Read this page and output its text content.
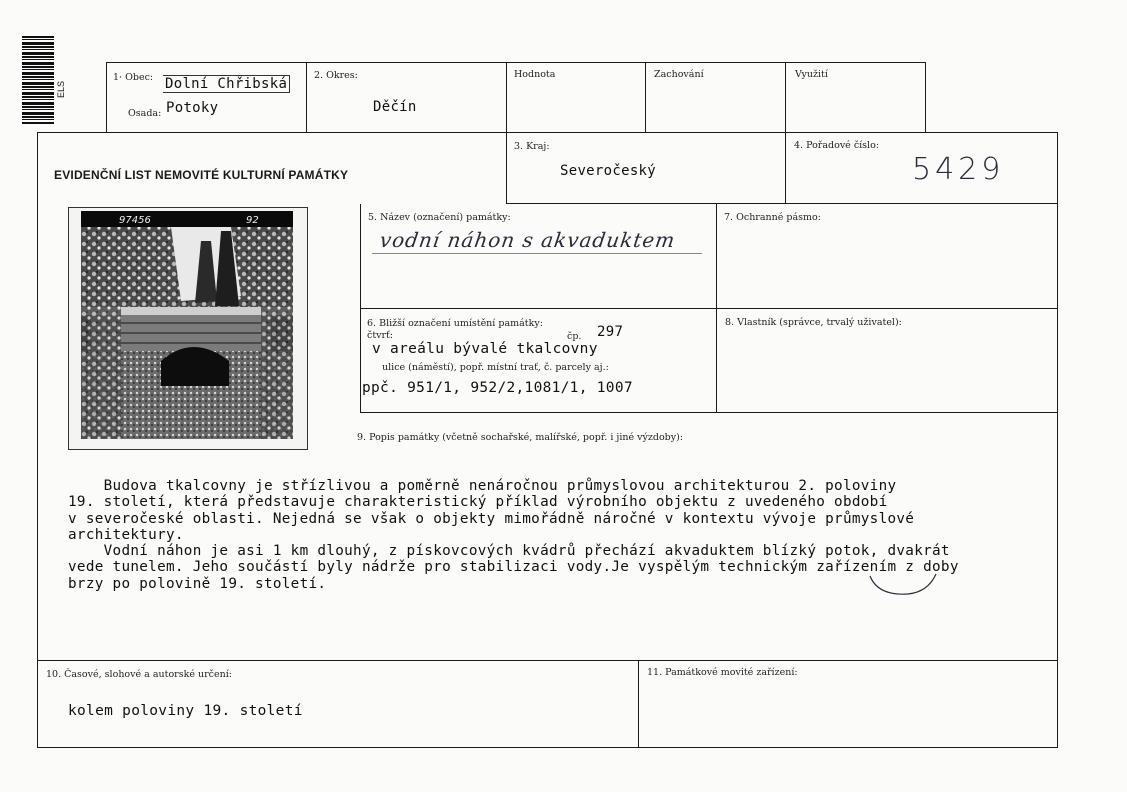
ELS
1· Obec: Dolní Chřibská
Osada: Potoky
2. Okres:
Děčín
Hodnota	Zachování	Využití
EVIDENČNÍ LIST NEMOVITÉ KULTURNÍ PAMÁTKY
3. Kraj:
Severočeský
4. Pořadové číslo:
5429
97456	92	5. Název (označení) památky:
vodní náhon s akvaduktem
7. Ochranné pásmo:
6. Bližší označení umístění památky:
čtvrť:	čp. 297
v areálu bývalé tkalcovny
ulice (náměstí), popř. místní trať, č. parcely aj.:
ppč. 951/1, 952/2,1081/1, 1007
8. Vlastník (správce, trvalý uživatel):
9. Popis památky (včetně sochařské, malířské, popř. i jiné výzdoby):

Budova tkalcovny je střízlivou a poměrně nenáročnou průmyslovou architekturou 2. poloviny

19. století, která představuje charakteristický příklad výrobního objektu z uvedeného období

v severočeské oblasti. Nejedná se však o objekty mimořádně náročné v kontextu vývoje průmyslové

architektury.

Vodní náhon je asi 1 km dlouhý, z pískovcových kvádrů přechází akvaduktem blízký potok, dvakrát

vede tunelem. Jeho součástí byly nádrže pro stabilizaci vody.Je vyspělým technickým zařízením z doby

brzy po polovině 19. století.

10. Časové, slohové a autorské určení:
kolem poloviny 19. století
11. Památkové movité zařízení:
